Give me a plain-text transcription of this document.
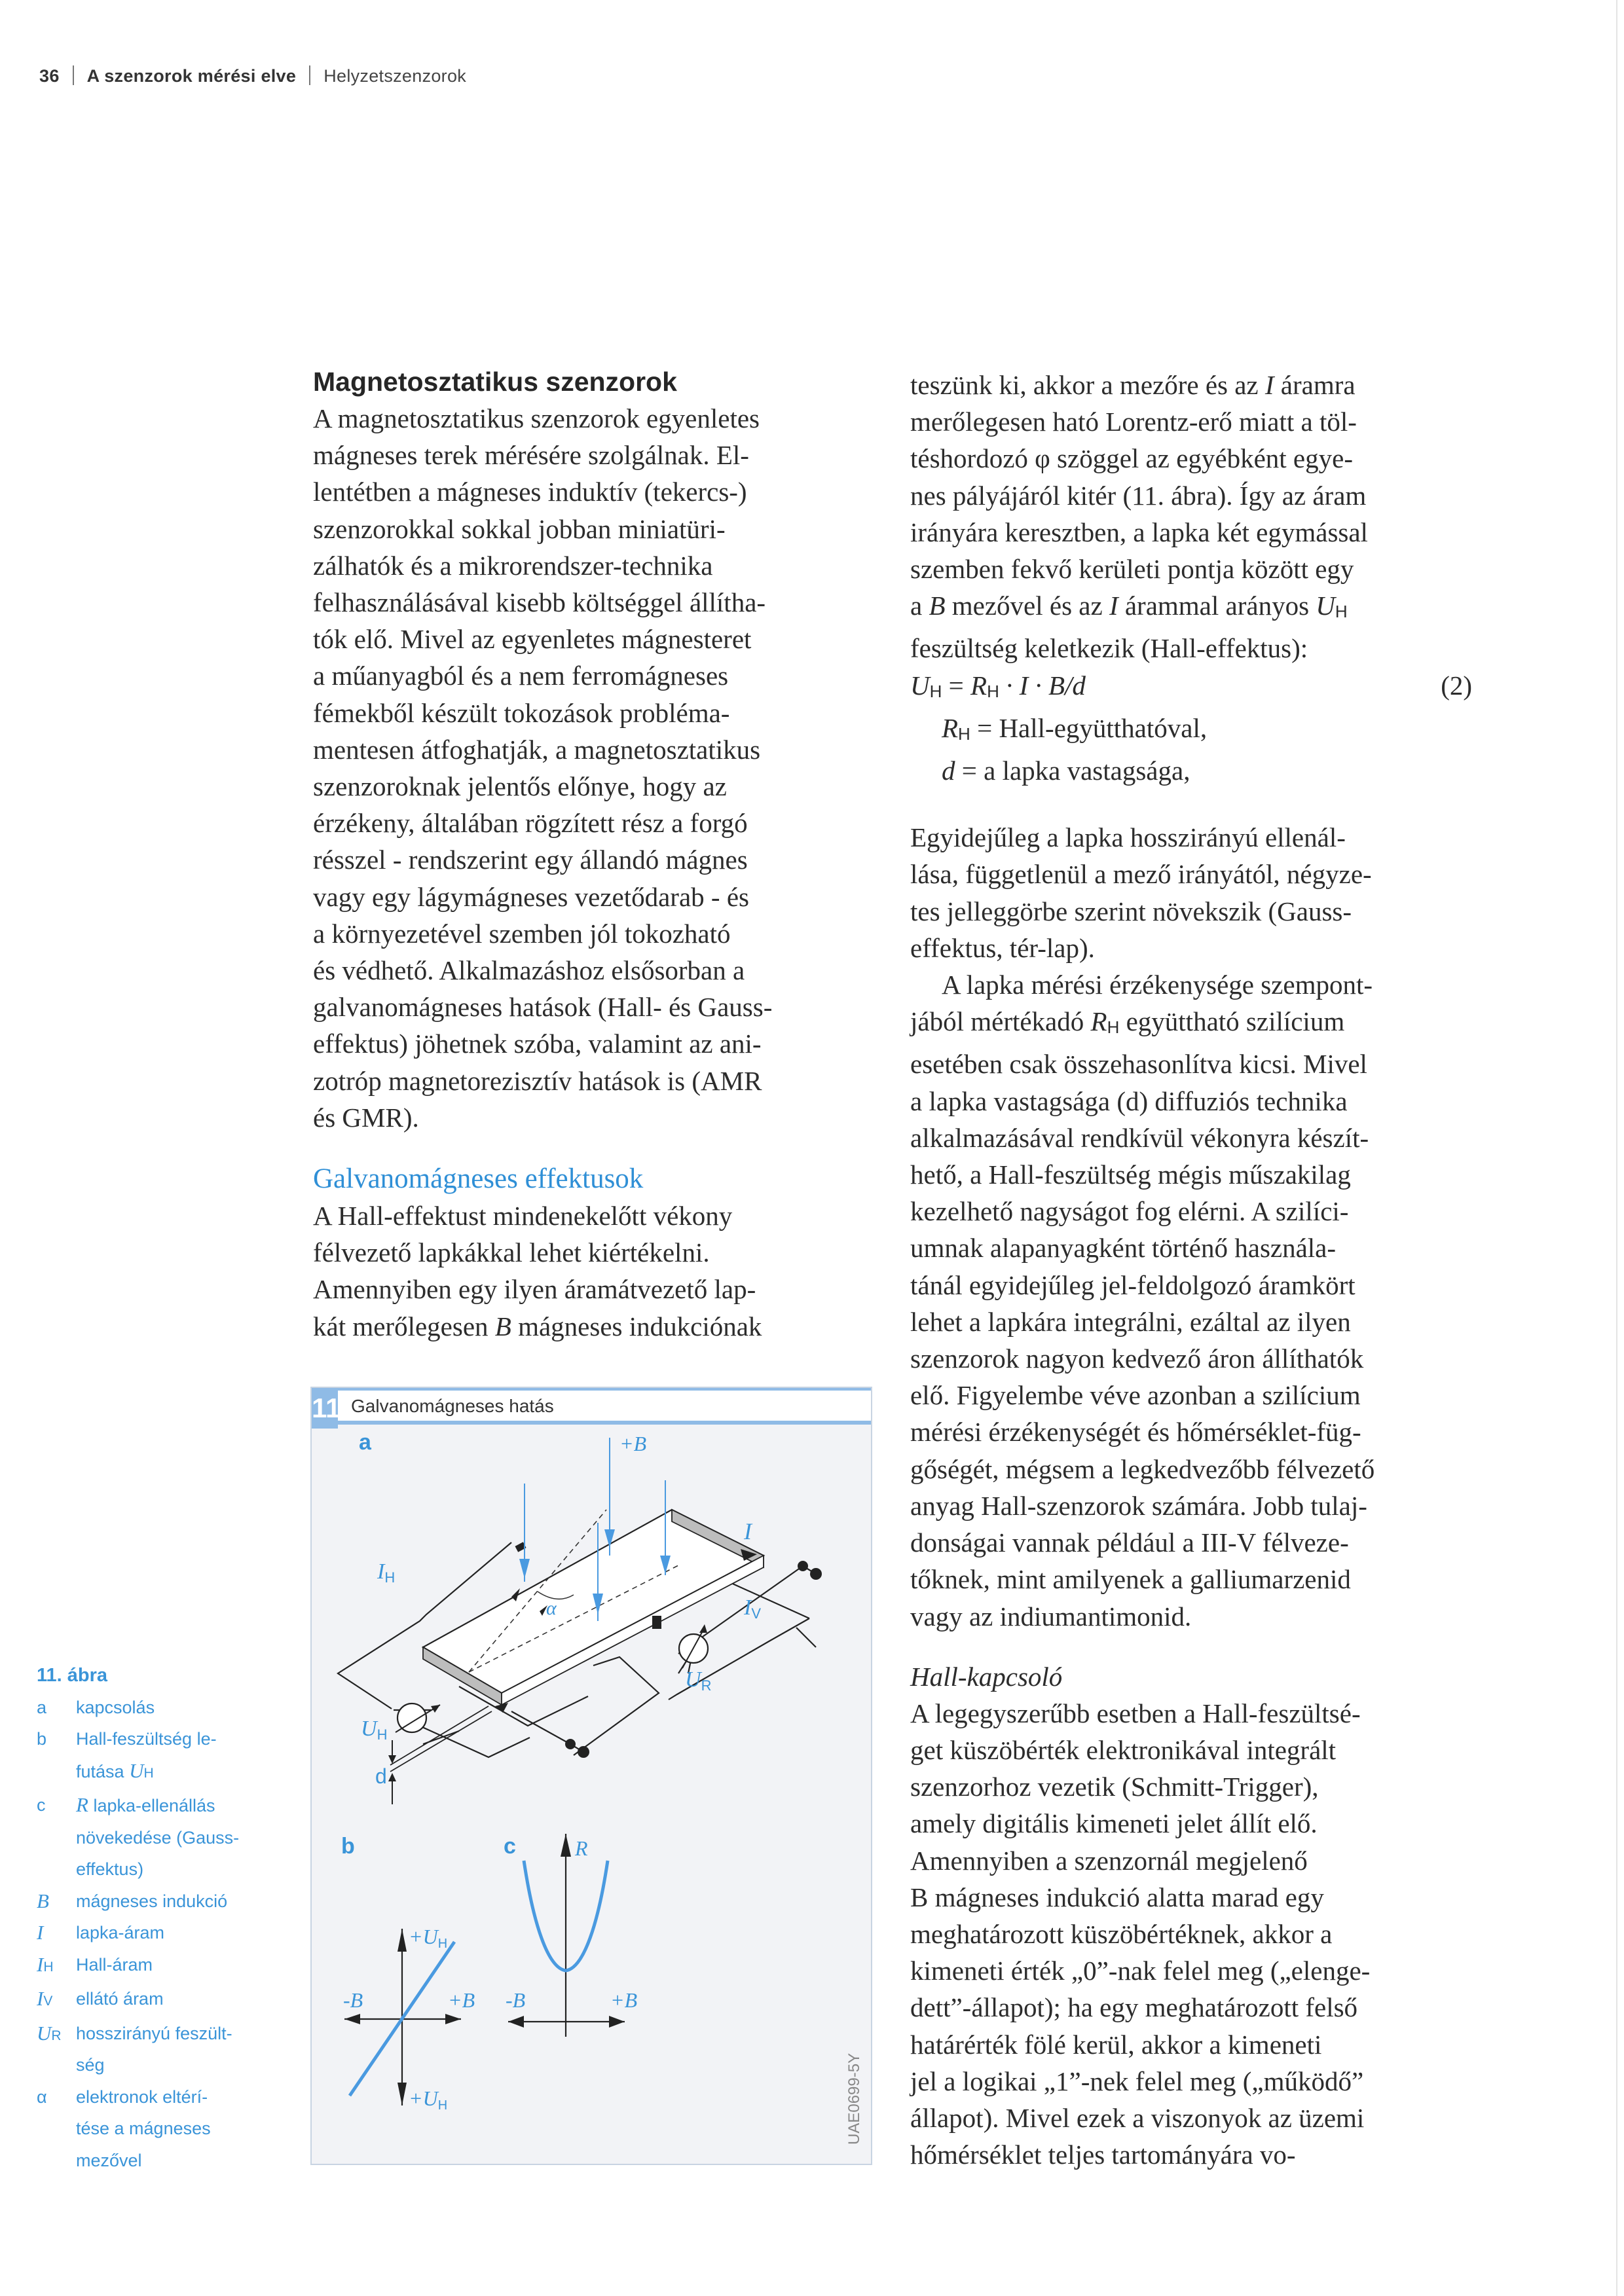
36 A szenzorok mérési elve Helyzetszenzorok
Magnetosztatikus szenzorok
A magnetosztatikus szenzorok egyenletes
mágneses terek mérésére szolgálnak. El-
lentétben a mágneses induktív (tekercs-)
szenzorokkal sokkal jobban miniatüri-
zálhatók és a mikrorendszer-technika
felhasználásával kisebb költséggel állítha-
tók elő. Mivel az egyenletes mágnesteret
a műanyagból és a nem ferromágneses
fémekből készült tokozások probléma-
mentesen átfoghatják, a magnetosztatikus
szenzoroknak jelentős előnye, hogy az
érzékeny, általában rögzített rész a forgó
résszel - rendszerint egy állandó mágnes
vagy egy lágymágneses vezetődarab - és
a környezetével szemben jól tokozható
és védhető. Alkalmazáshoz elsősorban a
galvanomágneses hatások (Hall- és Gauss-
effektus) jöhetnek szóba, valamint az ani-
zotróp magnetorezisztív hatások is (AMR
és GMR).
Galvanomágneses effektusok
A Hall-effektust mindenekelőtt vékony
félvezető lapkákkal lehet kiértékelni.
Amennyiben egy ilyen áramátvezető lap-
kát merőlegesen B mágneses indukciónak
11 Galvanomágneses hatás
a
α
+B
I
IH
IV
UR
UH
d
b
+UH
+UH
-B	+B
c	R
-B	+B
UAE0699-5Y
11. ábra
a	kapcsolás
b	Hall-feszültség le-
futása UH
c	R lapka-ellenállás
növekedése (Gauss-
effektus)
B	mágneses indukció
I	lapka-áram
IH	Hall-áram
IV	ellátó áram
UR hosszirányú feszült-
ség
α	elektronok eltérí-
tése a mágneses
mezővel
teszünk ki, akkor a mezőre és az I áramra
merőlegesen ható Lorentz-erő miatt a töl-
téshordozó φ szöggel az egyébként egye-
nes pályájáról kitér (11. ábra). Így az áram
irányára keresztben, a lapka két egymással
szemben fekvő kerületi pontja között egy
a B mezővel és az I árammal arányos UH
feszültség keletkezik (Hall-effektus):
UH = RH · I · B/d	(2)
RH = Hall-együtthatóval,
d = a lapka vastagsága,
Egyidejűleg a lapka hosszirányú ellenál-
lása, függetlenül a mező irányától, négyze-
tes jelleggörbe szerint növekszik (Gauss-
effektus, tér-lap).
A lapka mérési érzékenysége szempont-
jából mértékadó RH együttható szilícium
esetében csak összehasonlítva kicsi. Mivel
a lapka vastagsága (d) diffuziós technika
alkalmazásával rendkívül vékonyra készít-
hető, a Hall-feszültség mégis műszakilag
kezelhető nagyságot fog elérni. A szilíci-
umnak alapanyagként történő használa-
tánál egyidejűleg jel-feldolgozó áramkört
lehet a lapkára integrálni, ezáltal az ilyen
szenzorok nagyon kedvező áron állíthatók
elő. Figyelembe véve azonban a szilícium
mérési érzékenységét és hőmérséklet-füg-
gőségét, mégsem a legkedvezőbb félvezető
anyag Hall-szenzorok számára. Jobb tulaj-
donságai vannak például a III-V félveze-
tőknek, mint amilyenek a galliumarzenid
vagy az indiumantimonid.
Hall-kapcsoló
A legegyszerűbb esetben a Hall-feszültsé-
get küszöbérték elektronikával integrált
szenzorhoz vezetik (Schmitt-Trigger),
amely digitális kimeneti jelet állít elő.
Amennyiben a szenzornál megjelenő
B mágneses indukció alatta marad egy
meghatározott küszöbértéknek, akkor a
kimeneti érték „0”-nak felel meg („elenge-
dett”-állapot); ha egy meghatározott felső
határérték fölé kerül, akkor a kimeneti
jel a logikai „1”-nek felel meg („működő”
állapot). Mivel ezek a viszonyok az üzemi
hőmérséklet teljes tartományára vo-
